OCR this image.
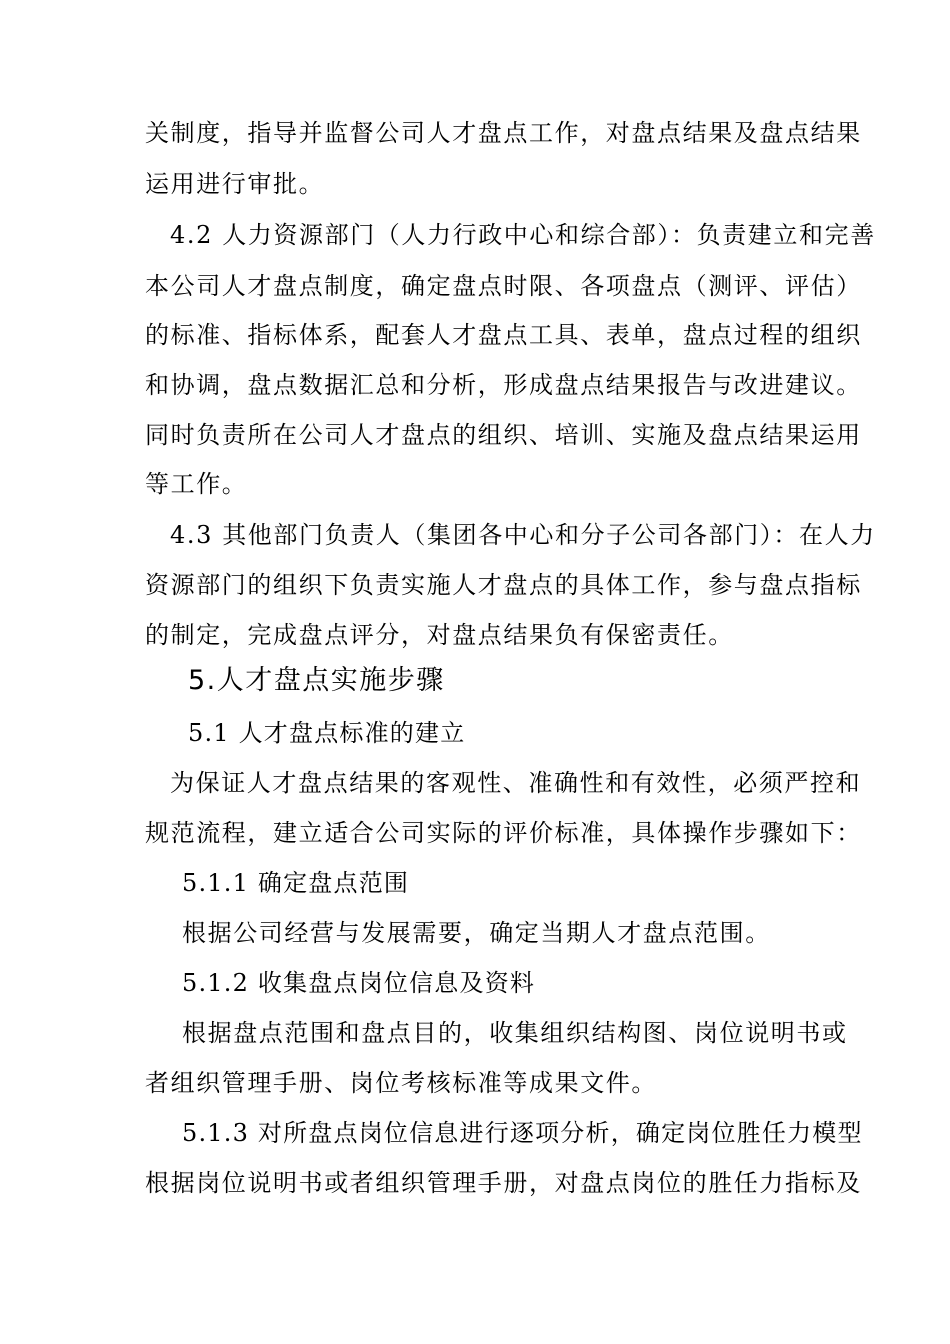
关制度，指导并监督公司人才盘点工作，对盘点结果及盘点结果
运用进行审批。
4.2 人力资源部门（人力行政中心和综合部）：负责建立和完善
本公司人才盘点制度，确定盘点时限、各项盘点（测评、评估）
的标准、指标体系，配套人才盘点工具、表单，盘点过程的组织
和协调，盘点数据汇总和分析，形成盘点结果报告与改进建议。
同时负责所在公司人才盘点的组织、培训、实施及盘点结果运用
等工作。
4.3 其他部门负责人（集团各中心和分子公司各部门）：在人力
资源部门的组织下负责实施人才盘点的具体工作，参与盘点指标
的制定，完成盘点评分，对盘点结果负有保密责任。
5.人才盘点实施步骤
5.1 人才盘点标准的建立
为保证人才盘点结果的客观性、准确性和有效性，必须严控和
规范流程，建立适合公司实际的评价标准，具体操作步骤如下：
5.1.1 确定盘点范围
根据公司经营与发展需要，确定当期人才盘点范围。
5.1.2 收集盘点岗位信息及资料
根据盘点范围和盘点目的，收集组织结构图、岗位说明书或
者组织管理手册、岗位考核标准等成果文件。
5.1.3 对所盘点岗位信息进行逐项分析，确定岗位胜任力模型
根据岗位说明书或者组织管理手册，对盘点岗位的胜任力指标及
